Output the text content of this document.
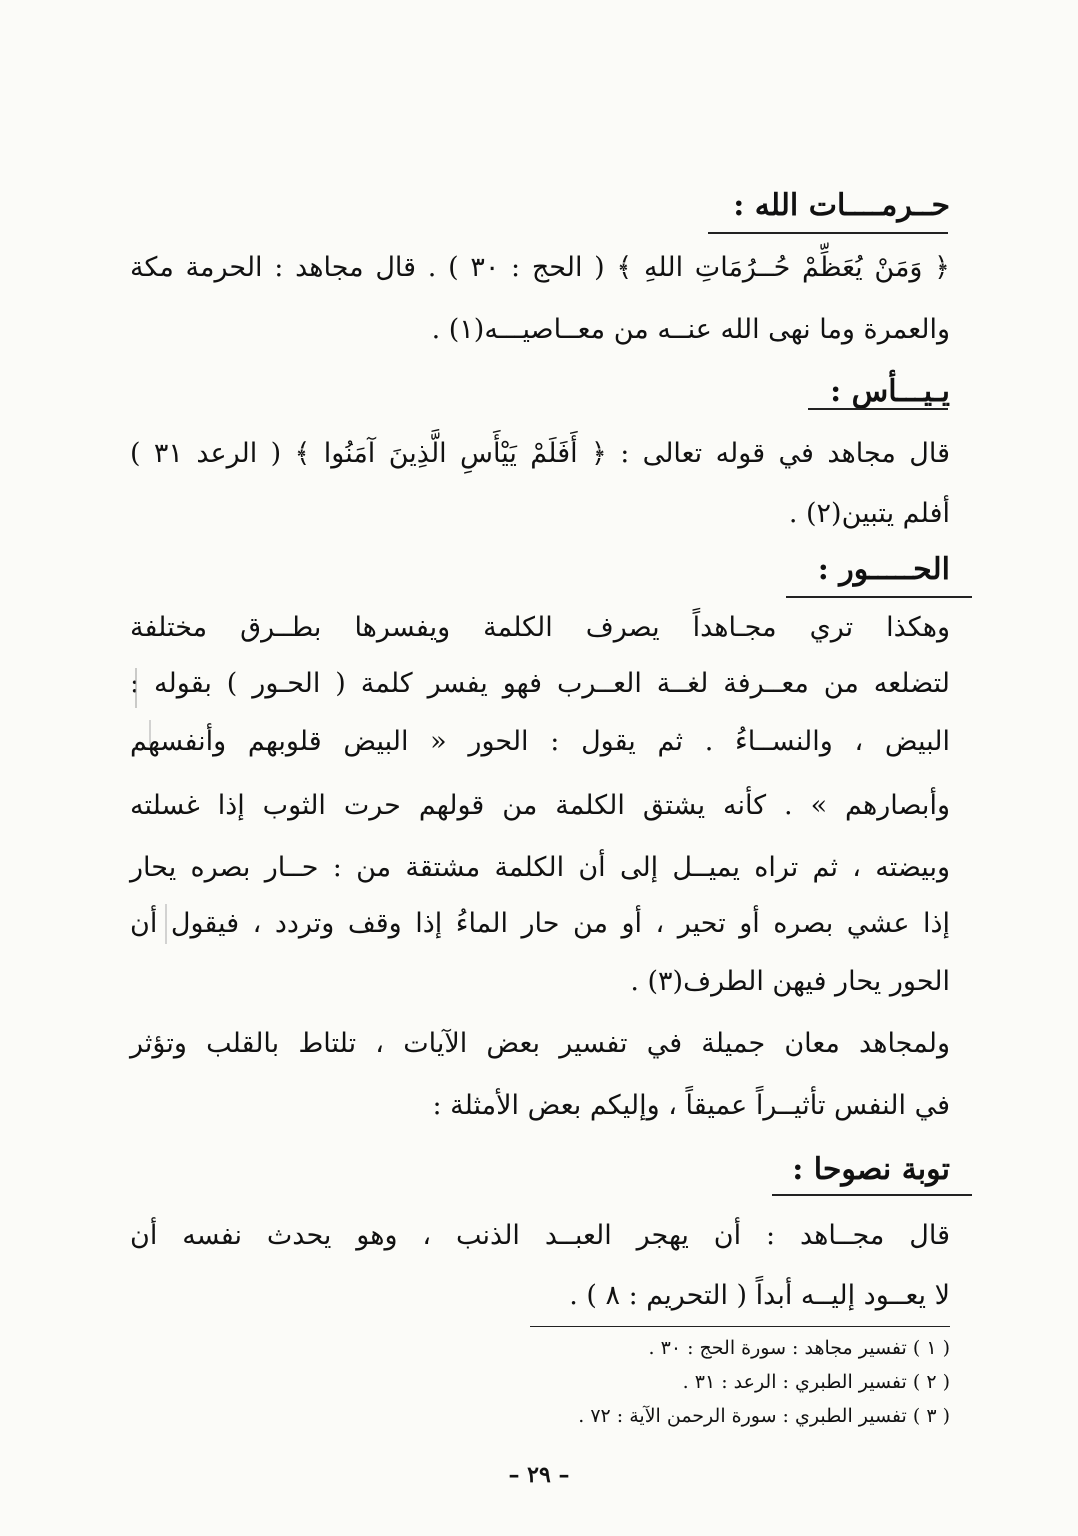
حــرمــــات الله :
﴿ وَمَنْ يُعَظِّمْ حُــرُمَاتِ اللهِ ﴾ ( الحج : ٣٠ ) . قال مجاهد : الحرمة مكة
والعمرة وما نهى الله عنــه من معــاصيـــه(١) .
يـيـــأس :
قال مجاهد في قوله تعالى : ﴿ أَفَلَمْ يَيْأَسِ الَّذِينَ آمَنُوا ﴾ ( الرعد ٣١ )
أفلم يتبين(٢) .
الحـــــور :
وهكذا تري مجـاهداً يصرف الكلمة ويفسرها بطــرق مختلفة
لتضلعه من معــرفة لغــة العــرب فهو يفسر كلمة ( الحـور ) بقوله :
البيض ، والنســاءُ . ثم يقول : الحور « البيض قلوبهم وأنفسهم
وأبصارهم » . كأنه يشتق الكلمة من قولهم حرت الثوب إذا غسلته
وبيضته ، ثم تراه يميــل إلى أن الكلمة مشتقة من : حــار بصره يحار
إذا عشي بصره أو تحير ، أو من حار الماءُ إذا وقف وتردد ، فيقول أن
الحور يحار فيهن الطرف(٣) .
ولمجاهد معان جميلة في تفسير بعض الآيات ، تلتاط بالقلب وتؤثر
في النفس تأثيــراً عميقاً ، وإليكم بعض الأمثلة :
توبة نصوحا :
قال مجــاهد : أن يهجر العبــد الذنب ، وهو يحدث نفسه أن
لا يعــود إليــه أبداً ( التحريم : ٨ ) .
( ١ ) تفسير مجاهد : سورة الحج : ٣٠ .
( ٢ ) تفسير الطبري : الرعد : ٣١ .
( ٣ ) تفسير الطبري : سورة الرحمن الآية : ٧٢ .
– ٢٩ –
